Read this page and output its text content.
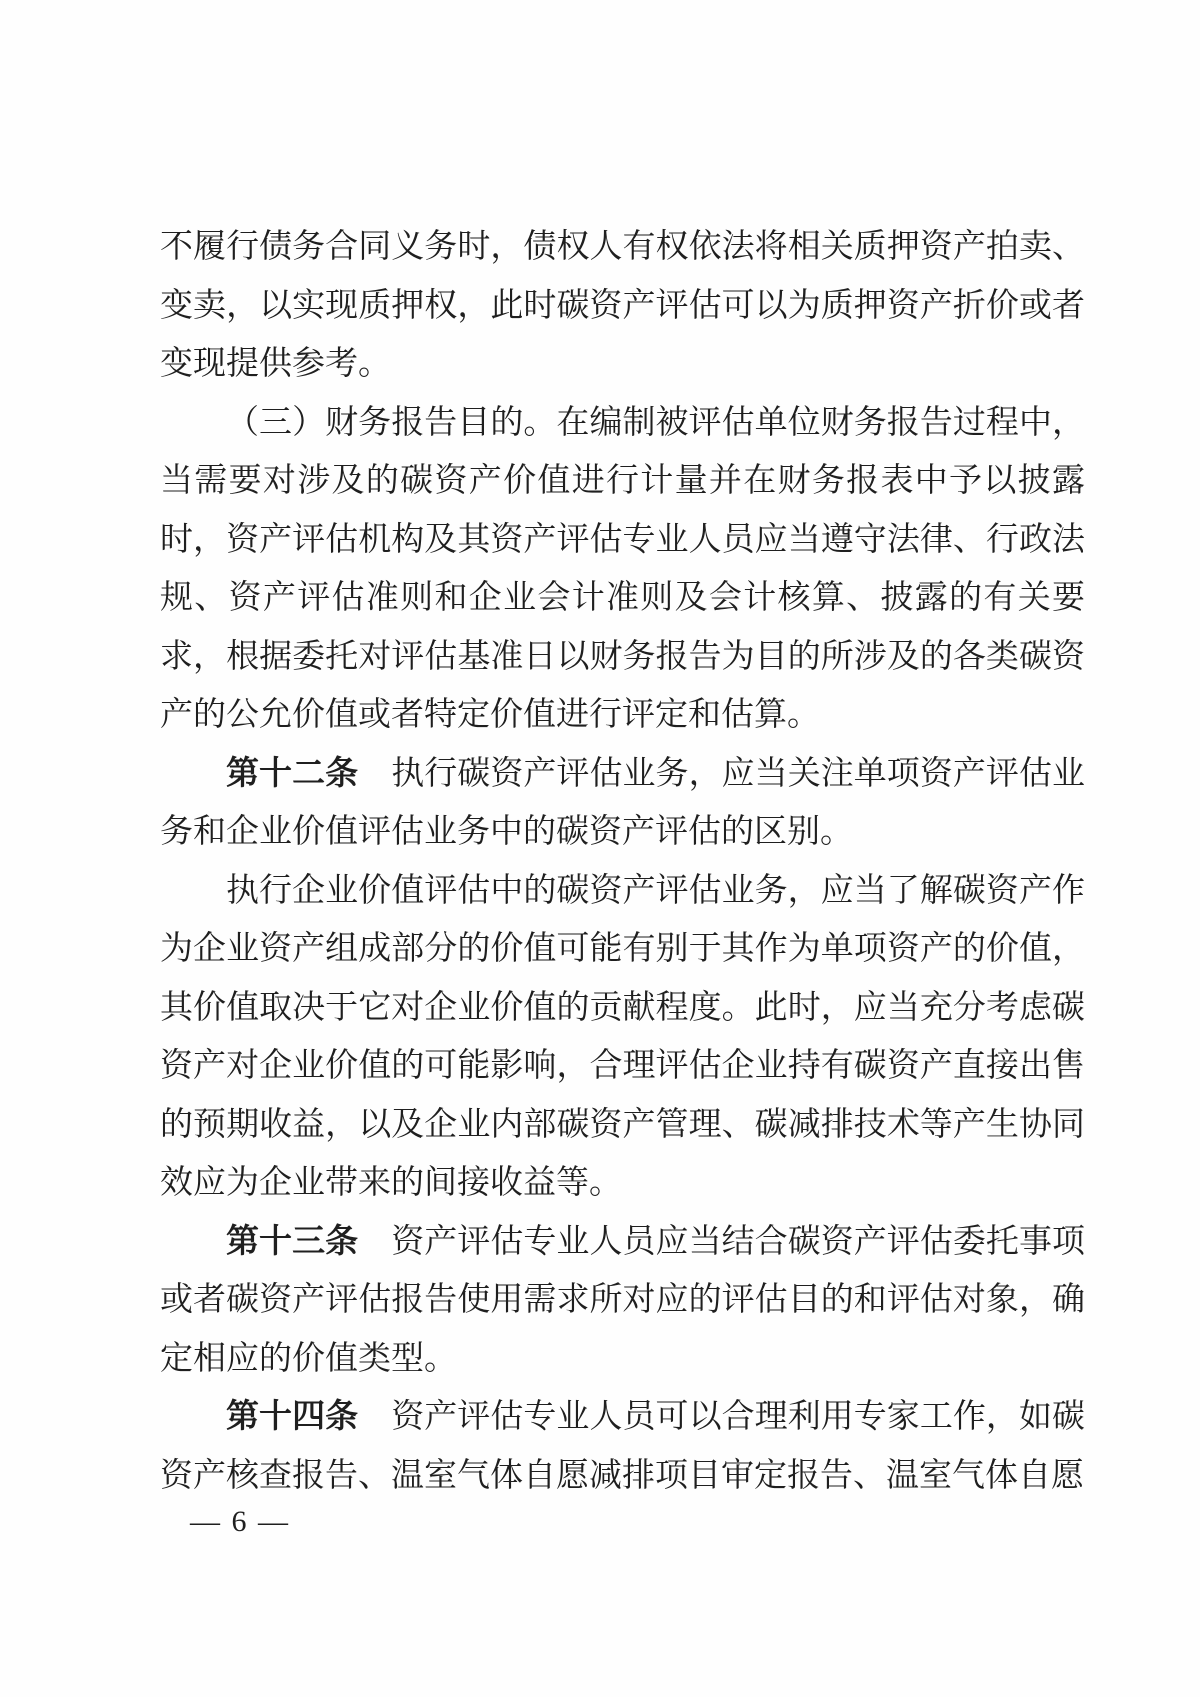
不履行债务合同义务时，债权人有权依法将相关质押资产拍卖、变卖，以实现质押权，此时碳资产评估可以为质押资产折价或者变现提供参考。

（三）财务报告目的。在编制被评估单位财务报告过程中，当需要对涉及的碳资产价值进行计量并在财务报表中予以披露时，资产评估机构及其资产评估专业人员应当遵守法律、行政法规、资产评估准则和企业会计准则及会计核算、披露的有关要求，根据委托对评估基准日以财务报告为目的所涉及的各类碳资产的公允价值或者特定价值进行评定和估算。

第十二条 执行碳资产评估业务，应当关注单项资产评估业务和企业价值评估业务中的碳资产评估的区别。

执行企业价值评估中的碳资产评估业务，应当了解碳资产作为企业资产组成部分的价值可能有别于其作为单项资产的价值，其价值取决于它对企业价值的贡献程度。此时，应当充分考虑碳资产对企业价值的可能影响，合理评估企业持有碳资产直接出售的预期收益，以及企业内部碳资产管理、碳减排技术等产生协同效应为企业带来的间接收益等。

第十三条 资产评估专业人员应当结合碳资产评估委托事项或者碳资产评估报告使用需求所对应的评估目的和评估对象，确定相应的价值类型。

第十四条 资产评估专业人员可以合理利用专家工作，如碳资产核查报告、温室气体自愿减排项目审定报告、温室气体自愿

— 6 —
